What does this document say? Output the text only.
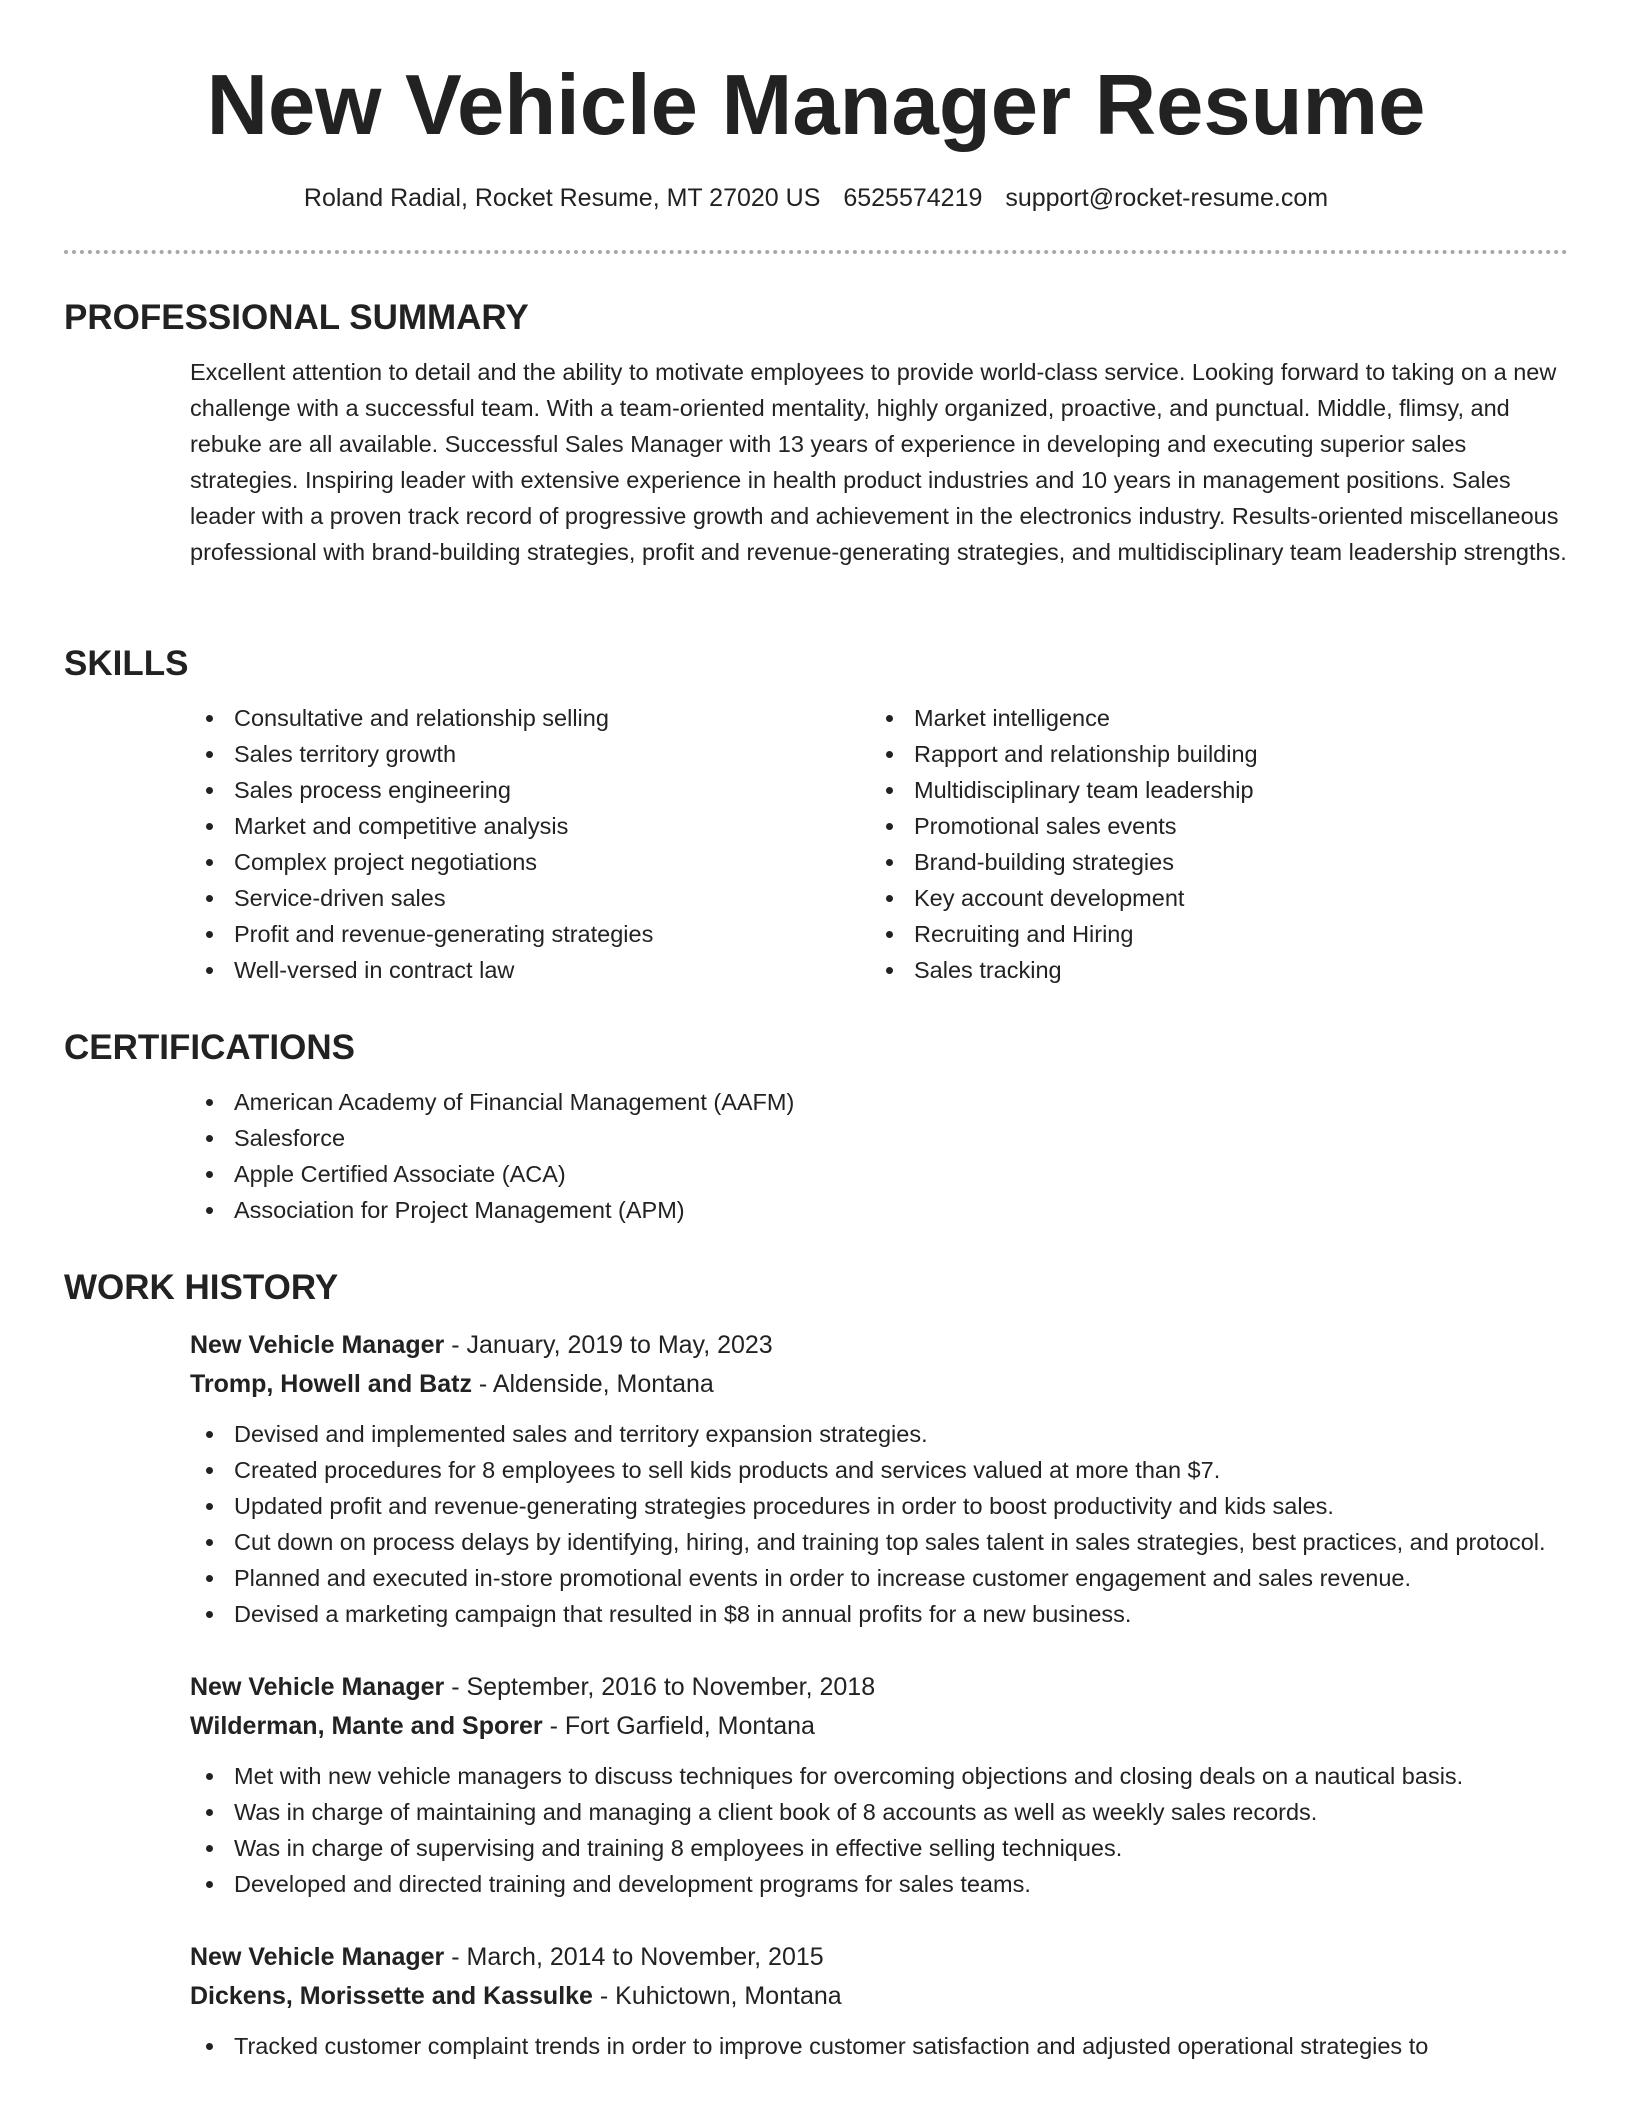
New Vehicle Manager Resume
Roland Radial, Rocket Resume, MT 27020 US 6525574219 support@rocket-resume.com
PROFESSIONAL SUMMARY
Excellent attention to detail and the ability to motivate employees to provide world-class service. Looking forward to taking on a new challenge with a successful team. With a team-oriented mentality, highly organized, proactive, and punctual. Middle, flimsy, and rebuke are all available. Successful Sales Manager with 13 years of experience in developing and executing superior sales strategies. Inspiring leader with extensive experience in health product industries and 10 years in management positions. Sales leader with a proven track record of progressive growth and achievement in the electronics industry. Results-oriented miscellaneous professional with brand-building strategies, profit and revenue-generating strategies, and multidisciplinary team leadership strengths.
SKILLS
Consultative and relationship selling
Sales territory growth
Sales process engineering
Market and competitive analysis
Complex project negotiations
Service-driven sales
Profit and revenue-generating strategies
Well-versed in contract law
Market intelligence
Rapport and relationship building
Multidisciplinary team leadership
Promotional sales events
Brand-building strategies
Key account development
Recruiting and Hiring
Sales tracking
CERTIFICATIONS
American Academy of Financial Management (AAFM)
Salesforce
Apple Certified Associate (ACA)
Association for Project Management (APM)
WORK HISTORY
New Vehicle Manager - January, 2019 to May, 2023
Tromp, Howell and Batz - Aldenside, Montana
Devised and implemented sales and territory expansion strategies.
Created procedures for 8 employees to sell kids products and services valued at more than $7.
Updated profit and revenue-generating strategies procedures in order to boost productivity and kids sales.
Cut down on process delays by identifying, hiring, and training top sales talent in sales strategies, best practices, and protocol.
Planned and executed in-store promotional events in order to increase customer engagement and sales revenue.
Devised a marketing campaign that resulted in $8 in annual profits for a new business.
New Vehicle Manager - September, 2016 to November, 2018
Wilderman, Mante and Sporer - Fort Garfield, Montana
Met with new vehicle managers to discuss techniques for overcoming objections and closing deals on a nautical basis.
Was in charge of maintaining and managing a client book of 8 accounts as well as weekly sales records.
Was in charge of supervising and training 8 employees in effective selling techniques.
Developed and directed training and development programs for sales teams.
New Vehicle Manager - March, 2014 to November, 2015
Dickens, Morissette and Kassulke - Kuhictown, Montana
Tracked customer complaint trends in order to improve customer satisfaction and adjusted operational strategies to
